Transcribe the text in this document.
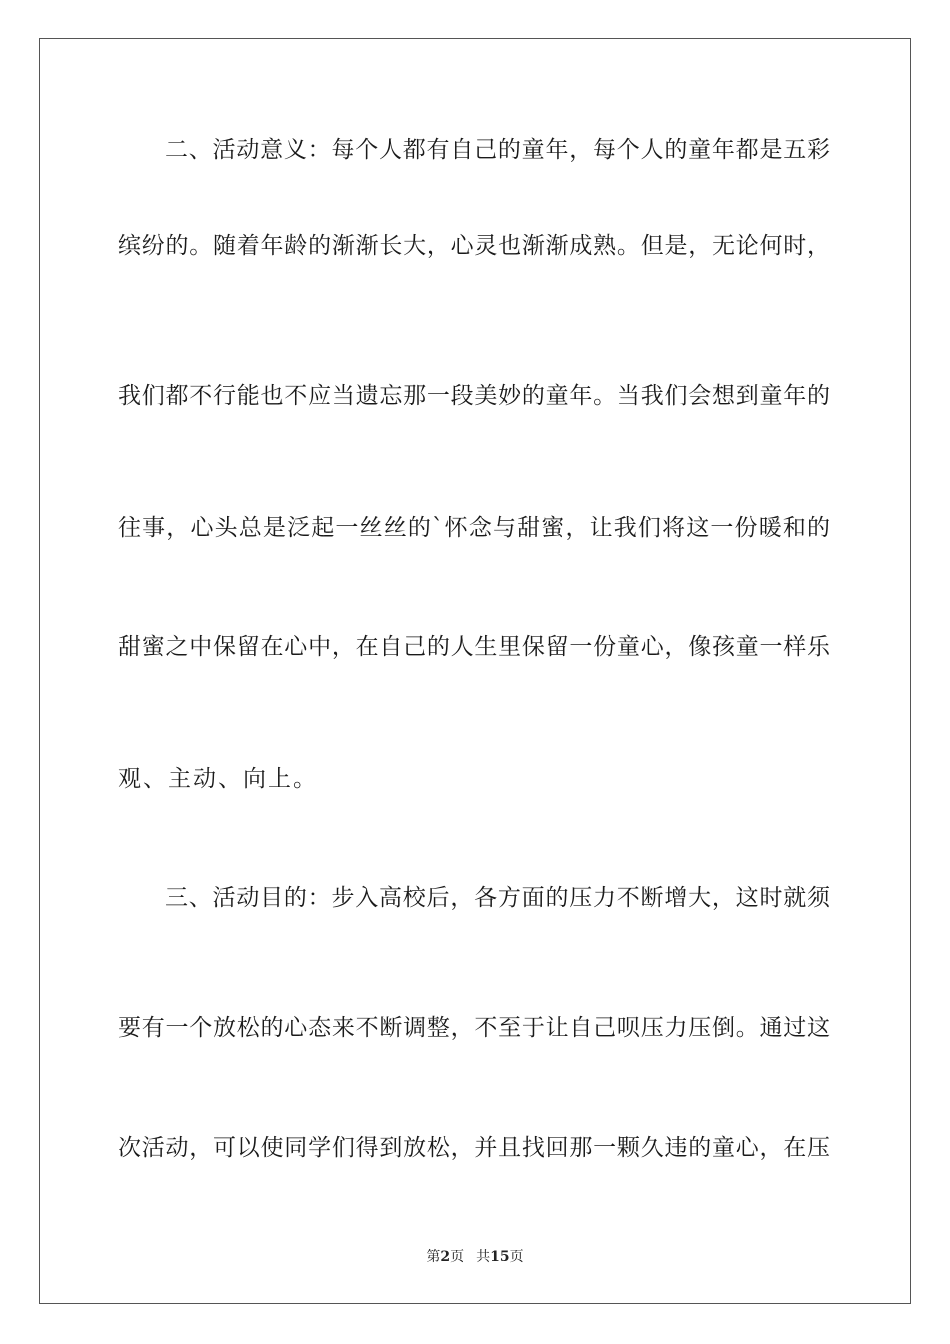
二、活动意义：每个人都有自己的童年，每个人的童年都是五彩
缤纷的。随着年龄的渐渐长大，心灵也渐渐成熟。但是，无论何时，
我们都不行能也不应当遗忘那一段美妙的童年。当我们会想到童年的
往事，心头总是泛起一丝丝的`怀念与甜蜜，让我们将这一份暖和的
甜蜜之中保留在心中，在自己的人生里保留一份童心，像孩童一样乐
观、主动、向上。
三、活动目的：步入高校后，各方面的压力不断增大，这时就须
要有一个放松的心态来不断调整，不至于让自己呗压力压倒。通过这
次活动，可以使同学们得到放松，并且找回那一颗久违的童心，在压
第2页 共15页
